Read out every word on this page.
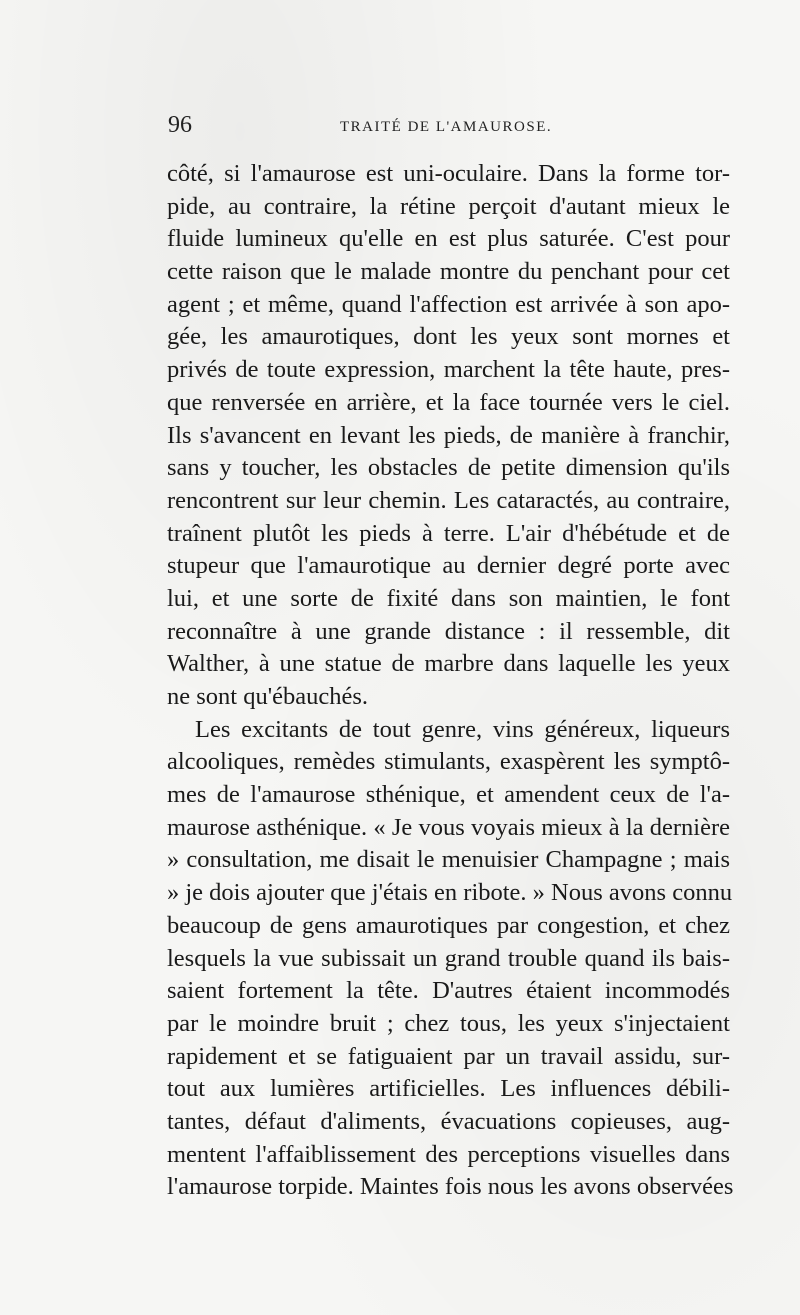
96	TRAITÉ DE L'AMAUROSE.
côté, si l'amaurose est uni-oculaire. Dans la forme tor-
pide, au contraire, la rétine perçoit d'autant mieux le
fluide lumineux qu'elle en est plus saturée. C'est pour
cette raison que le malade montre du penchant pour cet
agent ; et même, quand l'affection est arrivée à son apo-
gée, les amaurotiques, dont les yeux sont mornes et
privés de toute expression, marchent la tête haute, pres-
que renversée en arrière, et la face tournée vers le ciel.
Ils s'avancent en levant les pieds, de manière à franchir,
sans y toucher, les obstacles de petite dimension qu'ils
rencontrent sur leur chemin. Les cataractés, au contraire,
traînent plutôt les pieds à terre. L'air d'hébétude et de
stupeur que l'amaurotique au dernier degré porte avec
lui, et une sorte de fixité dans son maintien, le font
reconnaître à une grande distance : il ressemble, dit
Walther, à une statue de marbre dans laquelle les yeux
ne sont qu'ébauchés.
Les excitants de tout genre, vins généreux, liqueurs
alcooliques, remèdes stimulants, exaspèrent les symptô-
mes de l'amaurose sthénique, et amendent ceux de l'a-
maurose asthénique. « Je vous voyais mieux à la dernière
» consultation, me disait le menuisier Champagne ; mais
» je dois ajouter que j'étais en ribote. » Nous avons connu
beaucoup de gens amaurotiques par congestion, et chez
lesquels la vue subissait un grand trouble quand ils bais-
saient fortement la tête. D'autres étaient incommodés
par le moindre bruit ; chez tous, les yeux s'injectaient
rapidement et se fatiguaient par un travail assidu, sur-
tout aux lumières artificielles. Les influences débili-
tantes, défaut d'aliments, évacuations copieuses, aug-
mentent l'affaiblissement des perceptions visuelles dans
l'amaurose torpide. Maintes fois nous les avons observées
